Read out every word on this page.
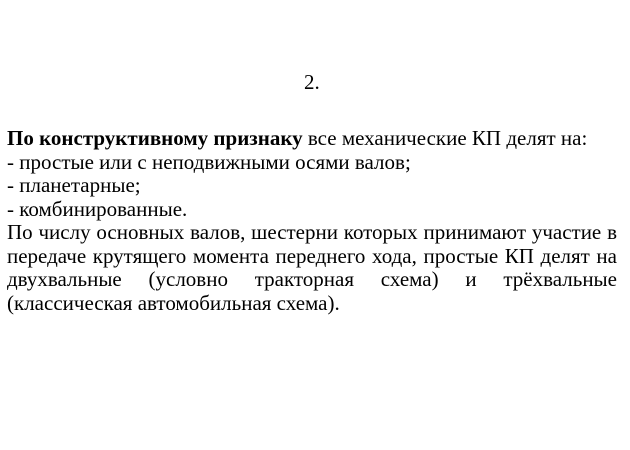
2.

По конструктивному признаку все механические КП делят на:

- простые или с неподвижными осями валов;

- планетарные;

- комбинированные.

По числу основных валов, шестерни которых принимают участие в передаче крутящего момента переднего хода, простые КП делят на двухвальные (условно тракторная схема) и трёхвальные (классическая автомобильная схема).
